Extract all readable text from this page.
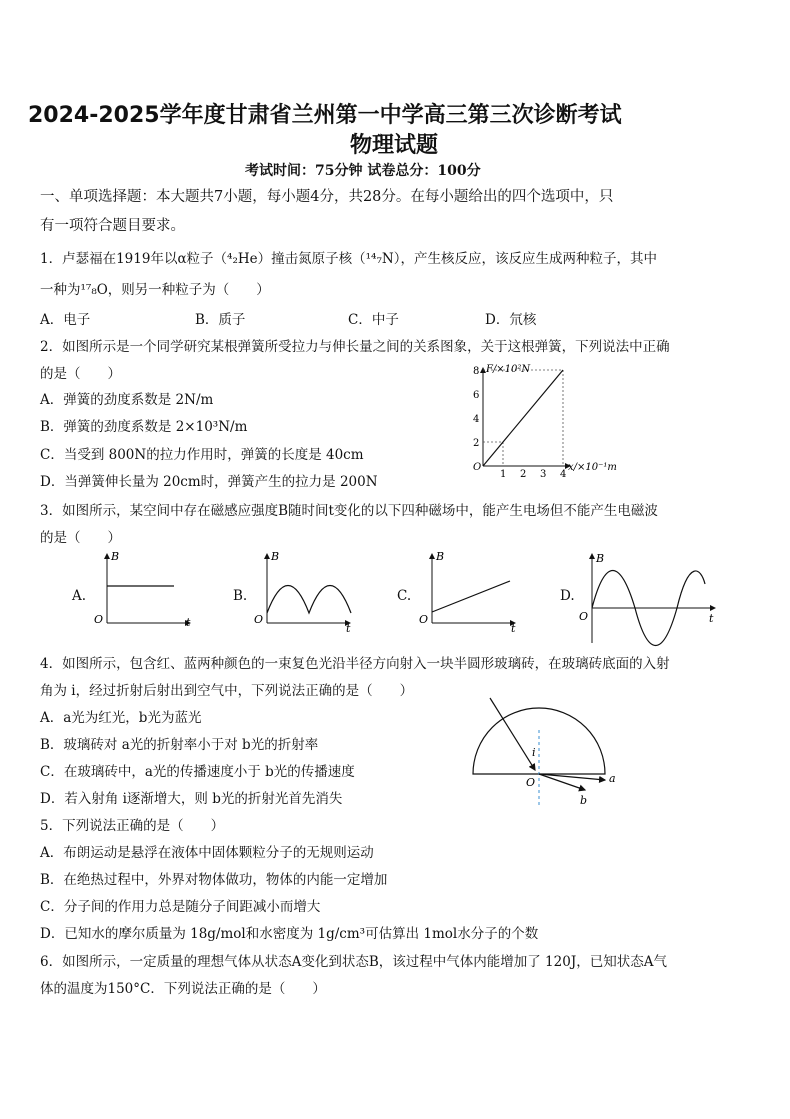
2024-2025学年度甘肃省兰州第一中学高三第三次诊断考试
物理试题
考试时间：75分钟 试卷总分：100分
一、单项选择题：本大题共7小题，每小题4分，共28分。在每小题给出的四个选项中，只
有一项符合题目要求。
1．卢瑟福在1919年以α粒子（⁴₂He）撞击氮原子核（¹⁴₇N），产生核反应，该反应生成两种粒子，其中
一种为¹⁷₈O，则另一种粒子为（　　）
A．电子	B．质子	C．中子	D．氘核
2．如图所示是一个同学研究某根弹簧所受拉力与伸长量之间的关系图象，关于这根弹簧，下列说法中正确
的是（　　）
A．弹簧的劲度系数是 2N/m
B．弹簧的劲度系数是 2×10³N/m
C．当受到 800N的拉力作用时，弹簧的长度是 40cm
D．当弹簧伸长量为 20cm时，弹簧产生的拉力是 200N
F/×10²N
x/×10⁻¹m
O
1 2 3 4
2
4
6
8
3．如图所示，某空间中存在磁感应强度B随时间t变化的以下四种磁场中，能产生电场但不能产生电磁波
的是（　　）
A.
B
t
O
B.
B
t
O
C.
B
t
O
D.
B
t
O
4．如图所示，包含红、蓝两种颜色的一束复色光沿半径方向射入一块半圆形玻璃砖，在玻璃砖底面的入射
角为 i，经过折射后射出到空气中，下列说法正确的是（　　）
A．a光为红光，b光为蓝光
B．玻璃砖对 a光的折射率小于对 b光的折射率
C．在玻璃砖中，a光的传播速度小于 b光的传播速度
D．若入射角 i逐渐增大，则 b光的折射光首先消失
i
O	a
b
5．下列说法正确的是（　　）
A．布朗运动是悬浮在液体中固体颗粒分子的无规则运动
B．在绝热过程中，外界对物体做功，物体的内能一定增加
C．分子间的作用力总是随分子间距减小而增大
D．已知水的摩尔质量为 18g/mol和水密度为 1g/cm³可估算出 1mol水分子的个数
6．如图所示，一定质量的理想气体从状态A变化到状态B，该过程中气体内能增加了 120J，已知状态A气
体的温度为150°C．下列说法正确的是（　　）
